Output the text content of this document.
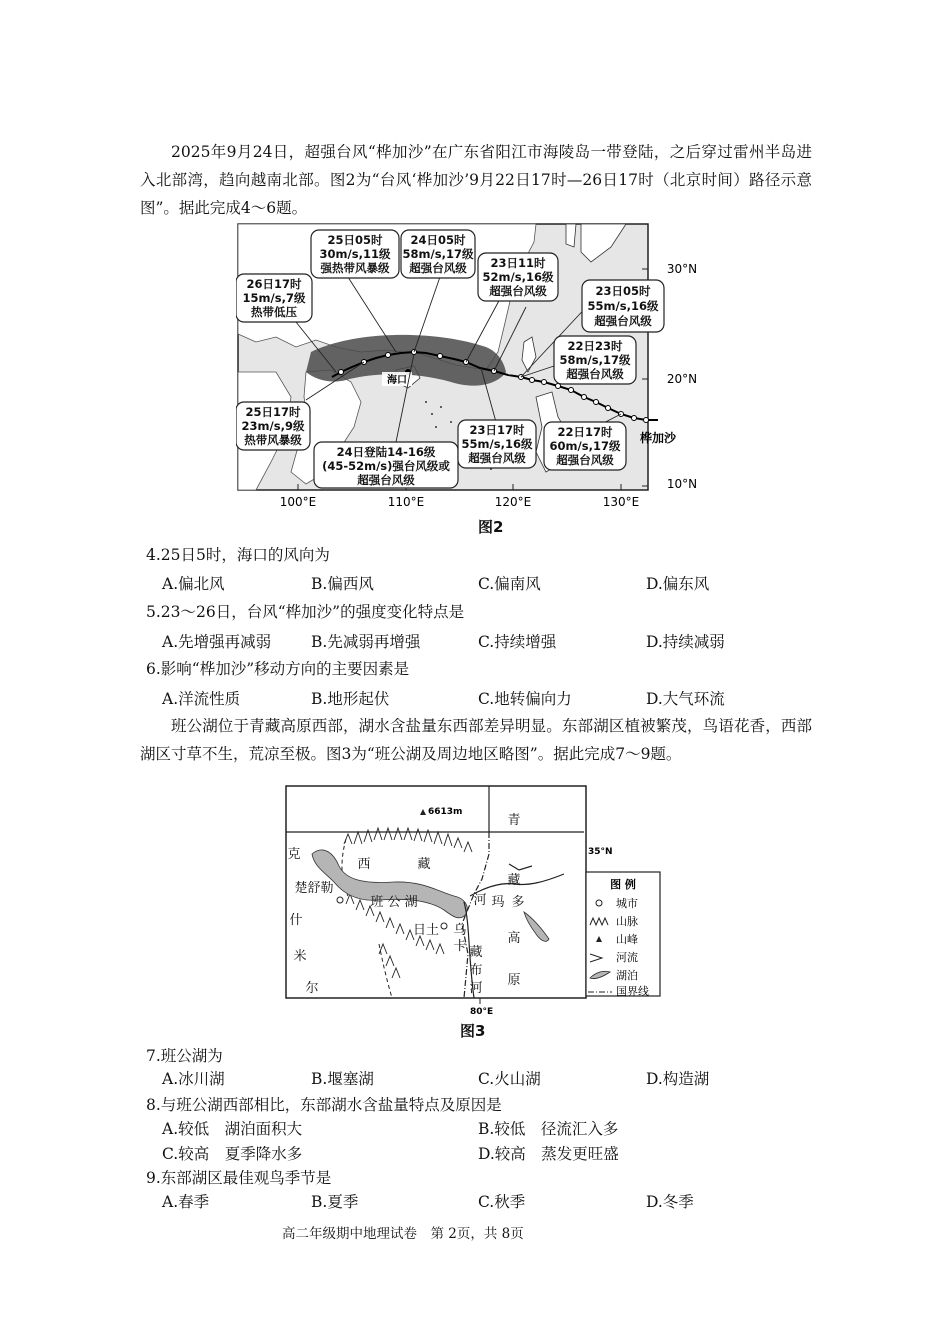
2025年9月24日，超强台风“桦加沙”在广东省阳江市海陵岛一带登陆，之后穿过雷州半岛进入北部湾，趋向越南北部。图2为“台风‘桦加沙’9月22日17时—26日17时（北京时间）路径示意图”。据此完成4～6题。
海口
25日05时
30m/s,11级
强热带风暴级
24日05时
58m/s,17级
超强台风级 23日11时
52m/s,16级
超强台风级	23日05时
55m/s,16级
超强台风级
22日23时
58m/s,17级
超强台风级
26日17时
15m/s,7级
热带低压
25日17时
23m/s,9级
热带风暴级
24日登陆14-16级
(45-52m/s)强台风级或
超强台风级
23日17时
55m/s,16级
超强台风级
22日17时
60m/s,17级
超强台风级
桦加沙
30°N
20°N
10°N
100°E	110°E	120°E	130°E
图2
4.25日5时，海口的风向为
A.偏北风	B.偏西风	C.偏南风	D.偏东风
5.23～26日，台风“桦加沙”的强度变化特点是
A.先增强再减弱	B.先减弱再增强	C.持续增强	D.持续减弱
6.影响“桦加沙”移动方向的主要因素是
A.洋流性质	B.地形起伏	C.地转偏向力	D.大气环流
班公湖位于青藏高原西部，湖水含盐量东西部差异明显。东部湖区植被繁茂，鸟语花香，西部湖区寸草不生，荒凉至极。图3为“班公湖及周边地区略图”。据此完成7～9题。
6613m
青
藏
高
原
克
什
米
尔
西	藏
楚舒勒
班 公 湖
日土
河 玛 多
乌
卡 藏
布
河
35°N
80°E
图 例
城市
山脉
山峰
河流
湖泊
国界线
图3
7.班公湖为
A.冰川湖	B.堰塞湖	C.火山湖	D.构造湖
8.与班公湖西部相比，东部湖水含盐量特点及原因是
A.较低　湖泊面积大	B.较低　径流汇入多
C.较高　夏季降水多	D.较高　蒸发更旺盛
9.东部湖区最佳观鸟季节是
A.春季	B.夏季	C.秋季	D.冬季
高二年级期中地理试卷　第 2页，共 8页
